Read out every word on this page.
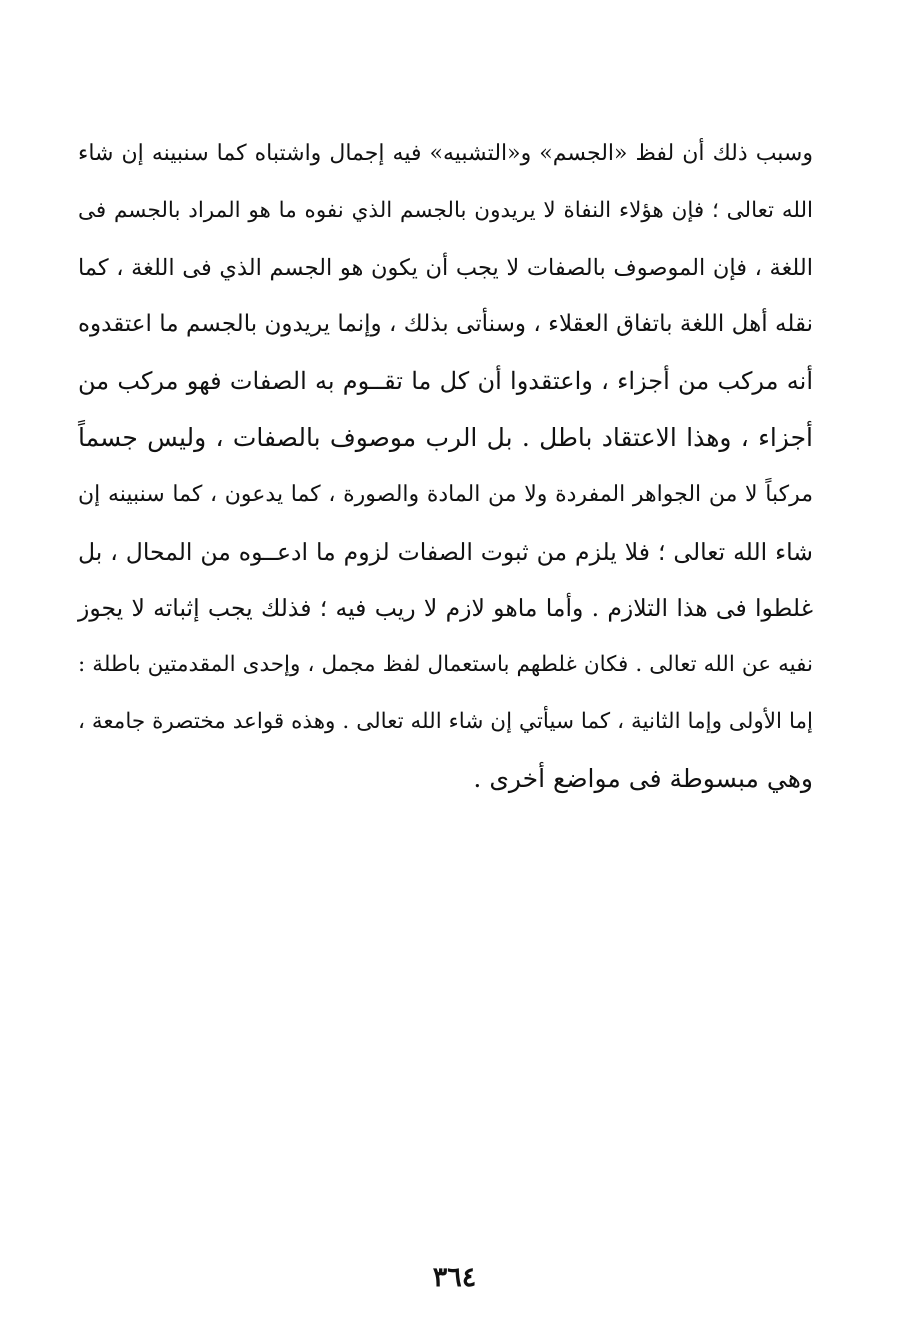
وسبب ذلك أن لفظ «الجسم» و«التشبيه» فيه إجمال واشتباه كما سنبينه إن شاء
الله تعالى ؛ فإن هؤلاء النفاة لا يريدون بالجسم الذي نفوه ما هو المراد بالجسم فى
اللغة ، فإن الموصوف بالصفات لا يجب أن يكون هو الجسم الذي فى اللغة ، كما
نقله أهل اللغة باتفاق العقلاء ، وسنأتى بذلك ، وإنما يريدون بالجسم ما اعتقدوه
أنه مركب من أجزاء ، واعتقدوا أن كل ما تقــوم به الصفات فهو مركب من
أجزاء ، وهذا الاعتقاد باطل . بل الرب موصوف بالصفات ، وليس جسماً
مركباً لا من الجواهر المفردة ولا من المادة والصورة ، كما يدعون ، كما سنبينه إن
شاء الله تعالى ؛ فلا يلزم من ثبوت الصفات لزوم ما ادعــوه من المحال ، بل
غلطوا فى هذا التلازم . وأما ماهو لازم لا ريب فيه ؛ فذلك يجب إثباته لا يجوز
نفيه عن الله تعالى . فكان غلطهم باستعمال لفظ مجمل ، وإحدى المقدمتين باطلة :
إما الأولى وإما الثانية ، كما سيأتي إن شاء الله تعالى . وهذه قواعد مختصرة جامعة ،
وهي مبسوطة فى مواضع أخرى .
٣٦٤
